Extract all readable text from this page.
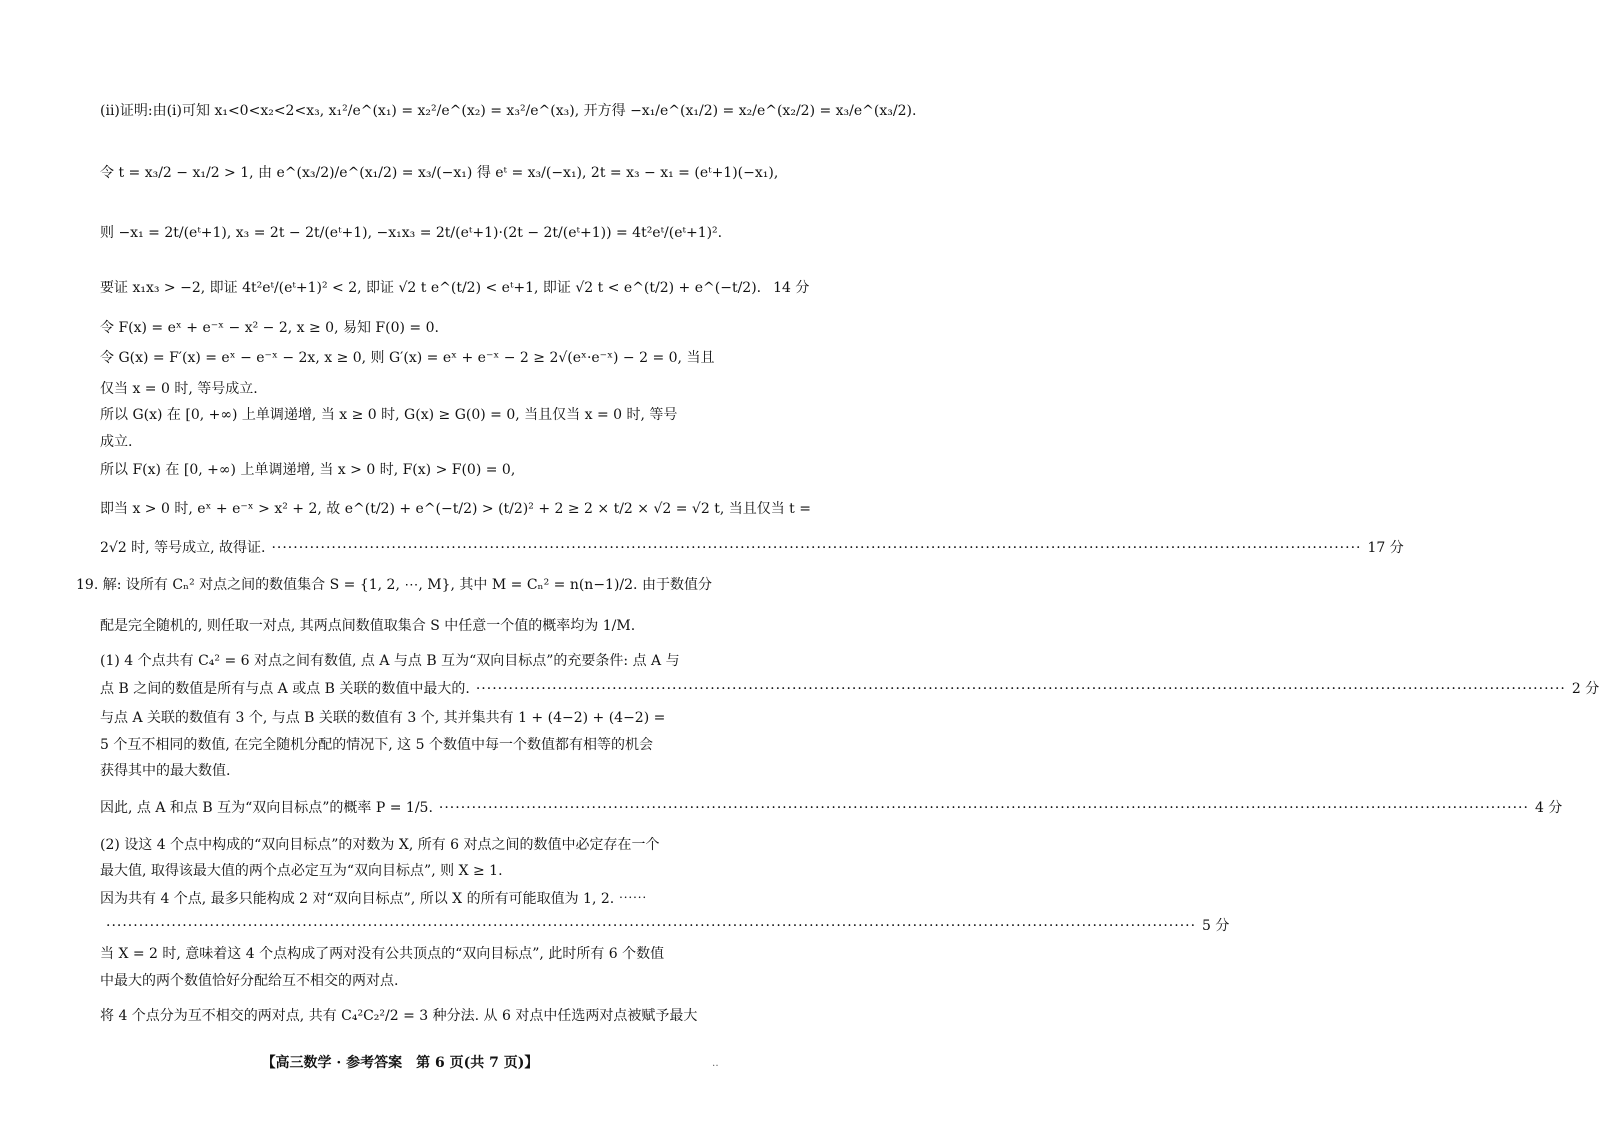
(ⅱ)证明:由(ⅰ)可知 x₁<0<x₂<2<x₃, x₁²/e^(x₁) = x₂²/e^(x₂) = x₃²/e^(x₃), 开方得 −x₁/e^(x₁/2) = x₂/e^(x₂/2) = x₃/e^(x₃/2).
令 t = x₃/2 − x₁/2 > 1, 由 e^(x₃/2)/e^(x₁/2) = x₃/(−x₁) 得 eᵗ = x₃/(−x₁), 2t = x₃ − x₁ = (eᵗ+1)(−x₁),
则 −x₁ = 2t/(eᵗ+1), x₃ = 2t − 2t/(eᵗ+1), −x₁x₃ = 2t/(eᵗ+1)·(2t − 2t/(eᵗ+1)) = 4t²eᵗ/(eᵗ+1)².
要证 x₁x₃ > −2, 即证 4t²eᵗ/(eᵗ+1)² < 2, 即证 √2 t e^(t/2) < eᵗ+1, 即证 √2 t < e^(t/2) + e^(−t/2). 14 分
令 F(x) = eˣ + e⁻ˣ − x² − 2, x ≥ 0, 易知 F(0) = 0.
令 G(x) = F′(x) = eˣ − e⁻ˣ − 2x, x ≥ 0, 则 G′(x) = eˣ + e⁻ˣ − 2 ≥ 2√(eˣ·e⁻ˣ) − 2 = 0, 当且
仅当 x = 0 时, 等号成立.
所以 G(x) 在 [0, +∞) 上单调递增, 当 x ≥ 0 时, G(x) ≥ G(0) = 0, 当且仅当 x = 0 时, 等号
成立.
所以 F(x) 在 [0, +∞) 上单调递增, 当 x > 0 时, F(x) > F(0) = 0,
即当 x > 0 时, eˣ + e⁻ˣ > x² + 2, 故 e^(t/2) + e^(−t/2) > (t/2)² + 2 ≥ 2 × t/2 × √2 = √2 t, 当且仅当 t =
2√2 时, 等号成立, 故得证. ········································································································································································································ 17 分
19. 解: 设所有 Cₙ² 对点之间的数值集合 S = {1, 2, ⋯, M}, 其中 M = Cₙ² = n(n−1)/2. 由于数值分
配是完全随机的, 则任取一对点, 其两点间数值取集合 S 中任意一个值的概率均为 1/M.
(1) 4 个点共有 C₄² = 6 对点之间有数值, 点 A 与点 B 互为“双向目标点”的充要条件: 点 A 与
点 B 之间的数值是所有与点 A 或点 B 关联的数值中最大的. ········································································································································································································ 2 分
与点 A 关联的数值有 3 个, 与点 B 关联的数值有 3 个, 其并集共有 1 + (4−2) + (4−2) =
5 个互不相同的数值, 在完全随机分配的情况下, 这 5 个数值中每一个数值都有相等的机会
获得其中的最大数值.
因此, 点 A 和点 B 互为“双向目标点”的概率 P = 1/5. ········································································································································································································ 4 分
(2) 设这 4 个点中构成的“双向目标点”的对数为 X, 所有 6 对点之间的数值中必定存在一个
最大值, 取得该最大值的两个点必定互为“双向目标点”, 则 X ≥ 1.
因为共有 4 个点, 最多只能构成 2 对“双向目标点”, 所以 X 的所有可能取值为 1, 2. ⋯⋯
········································································································································································································ 5 分
当 X = 2 时, 意味着这 4 个点构成了两对没有公共顶点的“双向目标点”, 此时所有 6 个数值
中最大的两个数值恰好分配给互不相交的两对点.
将 4 个点分为互不相交的两对点, 共有 C₄²C₂²/2 = 3 种分法. 从 6 对点中任选两对点被赋予最大
【高三数学 · 参考答案　第 6 页(共 7 页)】	‥
